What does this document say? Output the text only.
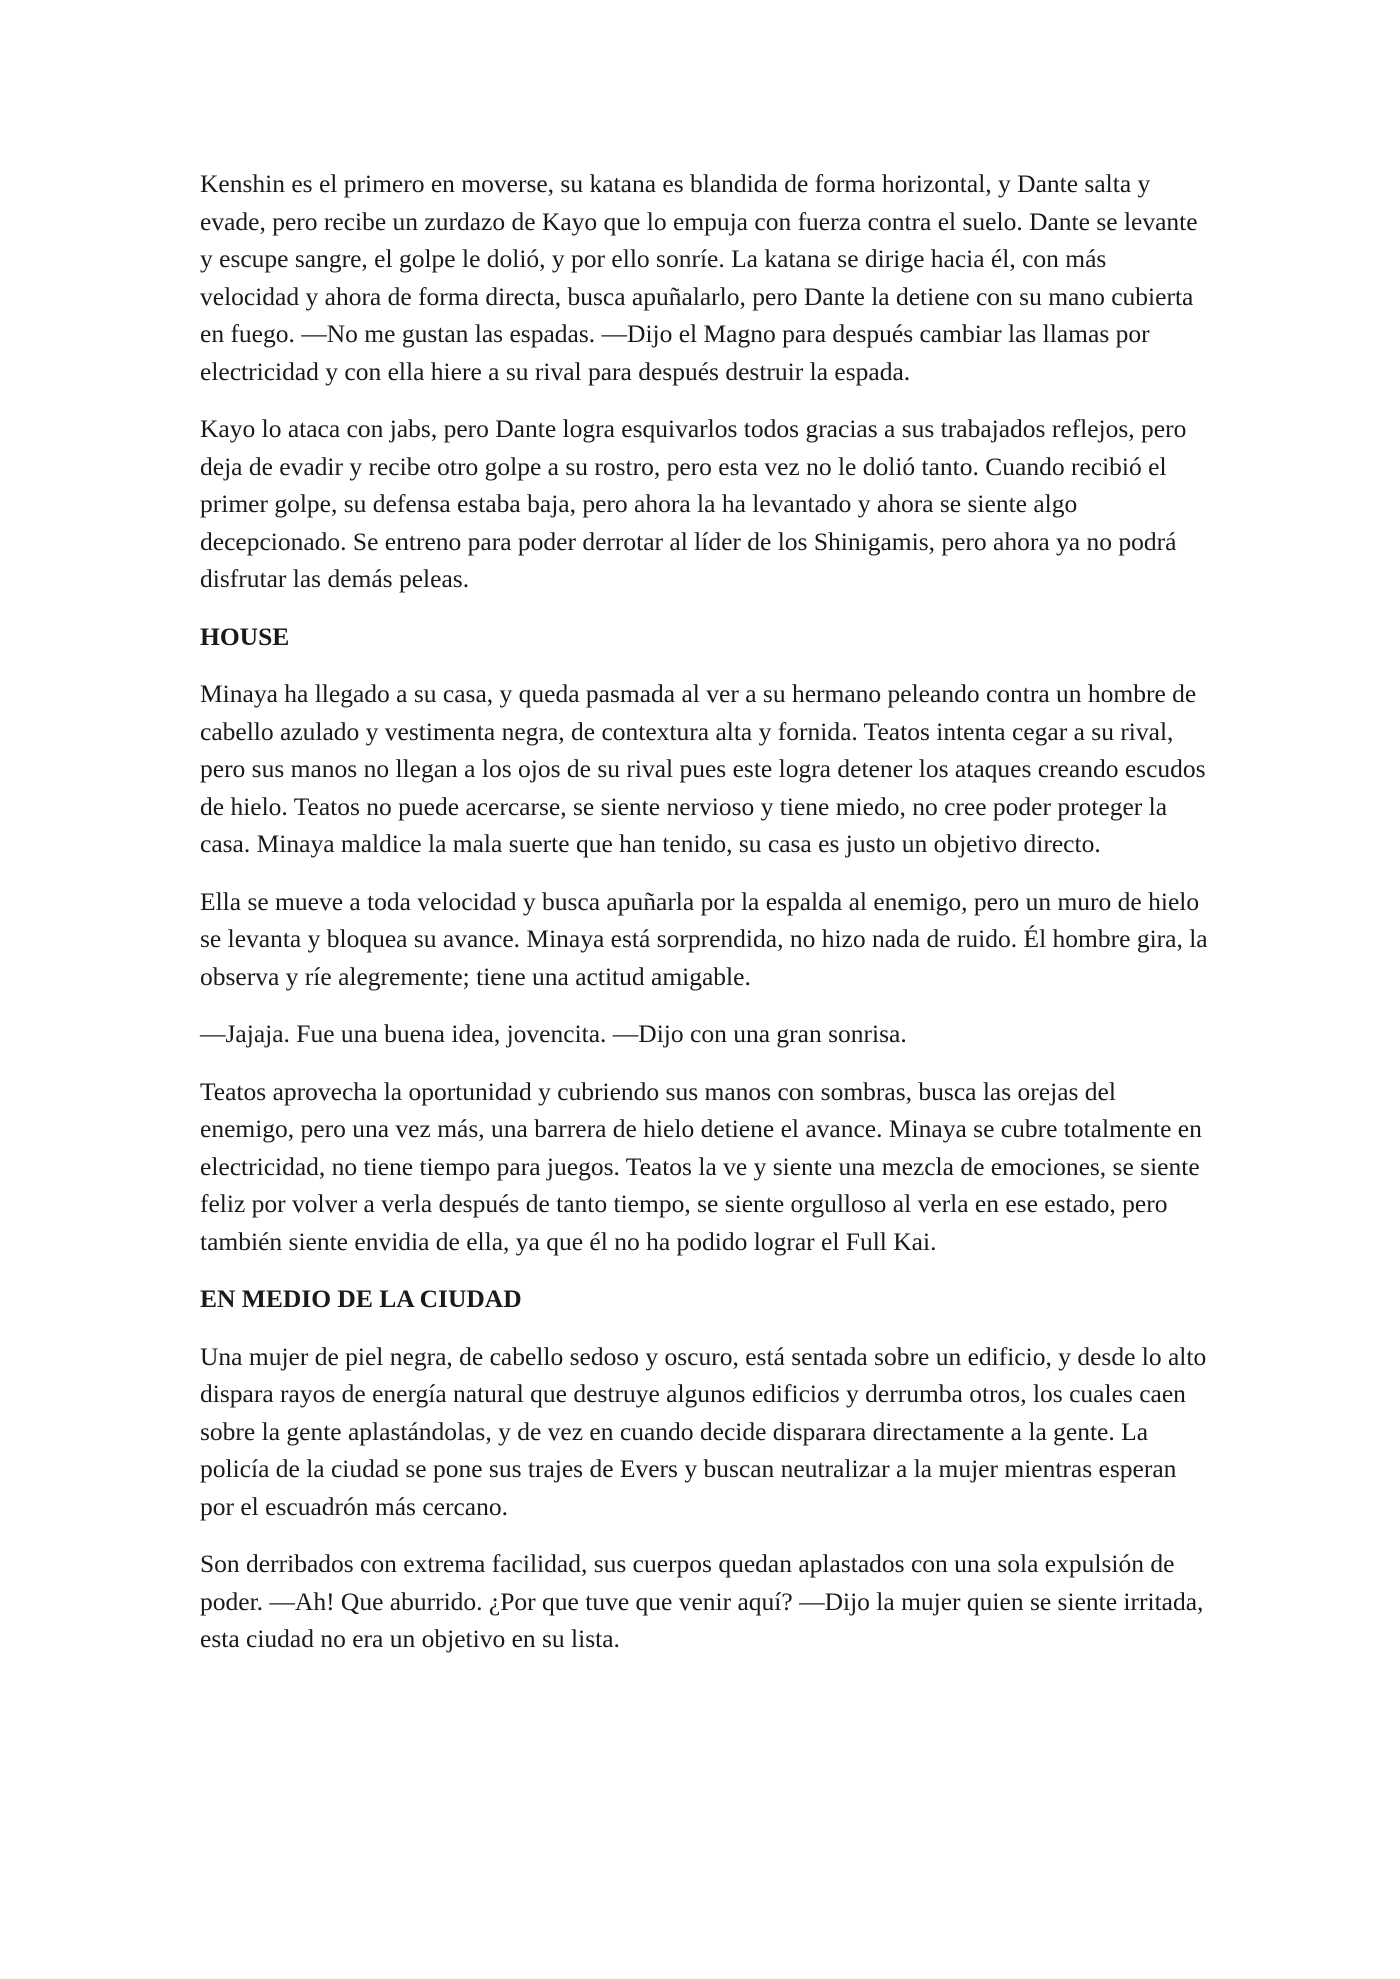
Kenshin es el primero en moverse, su katana es blandida de forma horizontal, y Dante salta y evade, pero recibe un zurdazo de Kayo que lo empuja con fuerza contra el suelo. Dante se levante y escupe sangre, el golpe le dolió, y por ello sonríe. La katana se dirige hacia él, con más velocidad y ahora de forma directa, busca apuñalarlo, pero Dante la detiene con su mano cubierta en fuego. —No me gustan las espadas. —Dijo el Magno para después cambiar las llamas por electricidad y con ella hiere a su rival para después destruir la espada.

Kayo lo ataca con jabs, pero Dante logra esquivarlos todos gracias a sus trabajados reflejos, pero deja de evadir y recibe otro golpe a su rostro, pero esta vez no le dolió tanto. Cuando recibió el primer golpe, su defensa estaba baja, pero ahora la ha levantado y ahora se siente algo decepcionado. Se entreno para poder derrotar al líder de los Shinigamis, pero ahora ya no podrá disfrutar las demás peleas.

HOUSE

Minaya ha llegado a su casa, y queda pasmada al ver a su hermano peleando contra un hombre de cabello azulado y vestimenta negra, de contextura alta y fornida. Teatos intenta cegar a su rival, pero sus manos no llegan a los ojos de su rival pues este logra detener los ataques creando escudos de hielo. Teatos no puede acercarse, se siente nervioso y tiene miedo, no cree poder proteger la casa. Minaya maldice la mala suerte que han tenido, su casa es justo un objetivo directo.

Ella se mueve a toda velocidad y busca apuñarla por la espalda al enemigo, pero un muro de hielo se levanta y bloquea su avance. Minaya está sorprendida, no hizo nada de ruido. Él hombre gira, la observa y ríe alegremente; tiene una actitud amigable.

—Jajaja. Fue una buena idea, jovencita. —Dijo con una gran sonrisa.

Teatos aprovecha la oportunidad y cubriendo sus manos con sombras, busca las orejas del enemigo, pero una vez más, una barrera de hielo detiene el avance. Minaya se cubre totalmente en electricidad, no tiene tiempo para juegos. Teatos la ve y siente una mezcla de emociones, se siente feliz por volver a verla después de tanto tiempo, se siente orgulloso al verla en ese estado, pero también siente envidia de ella, ya que él no ha podido lograr el Full Kai.

EN MEDIO DE LA CIUDAD

Una mujer de piel negra, de cabello sedoso y oscuro, está sentada sobre un edificio, y desde lo alto dispara rayos de energía natural que destruye algunos edificios y derrumba otros, los cuales caen sobre la gente aplastándolas, y de vez en cuando decide disparara directamente a la gente. La policía de la ciudad se pone sus trajes de Evers y buscan neutralizar a la mujer mientras esperan por el escuadrón más cercano.

Son derribados con extrema facilidad, sus cuerpos quedan aplastados con una sola expulsión de poder. —Ah! Que aburrido. ¿Por que tuve que venir aquí? —Dijo la mujer quien se siente irritada, esta ciudad no era un objetivo en su lista.
